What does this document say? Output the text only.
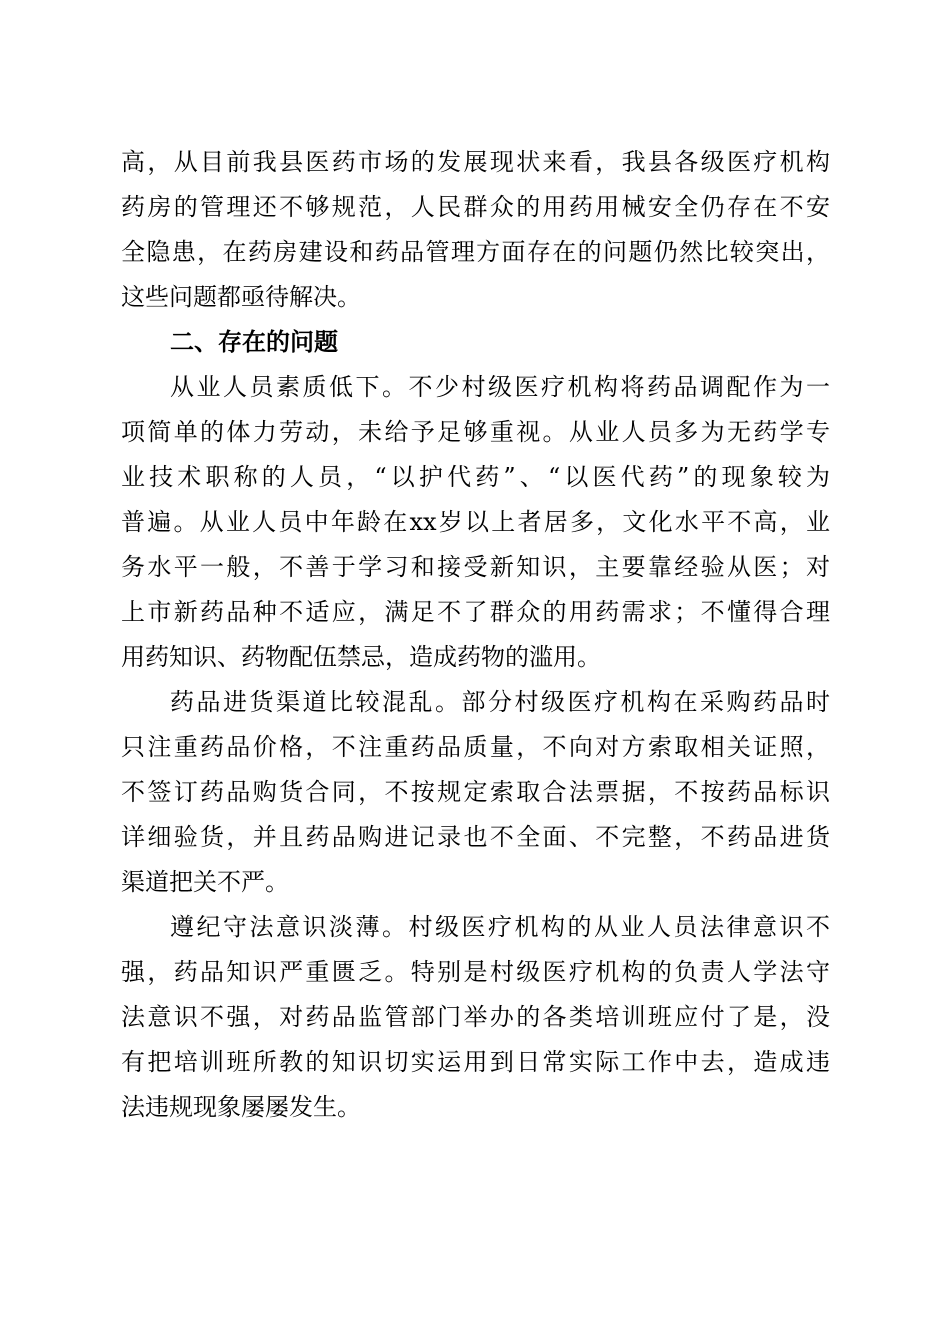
高，从目前我县医药市场的发展现状来看，我县各级医疗机构

药房的管理还不够规范，人民群众的用药用械安全仍存在不安

全隐患，在药房建设和药品管理方面存在的问题仍然比较突出，

这些问题都亟待解决。

二、存在的问题

从业人员素质低下。不少村级医疗机构将药品调配作为一

项简单的体力劳动，未给予足够重视。从业人员多为无药学专

业技术职称的人员，“以护代药”、“以医代药”的现象较为

普遍。从业人员中年龄在xx岁以上者居多，文化水平不高，业

务水平一般，不善于学习和接受新知识，主要靠经验从医；对

上市新药品种不适应，满足不了群众的用药需求；不懂得合理

用药知识、药物配伍禁忌，造成药物的滥用。

药品进货渠道比较混乱。部分村级医疗机构在采购药品时

只注重药品价格，不注重药品质量，不向对方索取相关证照，

不签订药品购货合同，不按规定索取合法票据，不按药品标识

详细验货，并且药品购进记录也不全面、不完整，不药品进货

渠道把关不严。

遵纪守法意识淡薄。村级医疗机构的从业人员法律意识不

强，药品知识严重匮乏。特别是村级医疗机构的负责人学法守

法意识不强，对药品监管部门举办的各类培训班应付了是，没

有把培训班所教的知识切实运用到日常实际工作中去，造成违

法违规现象屡屡发生。
